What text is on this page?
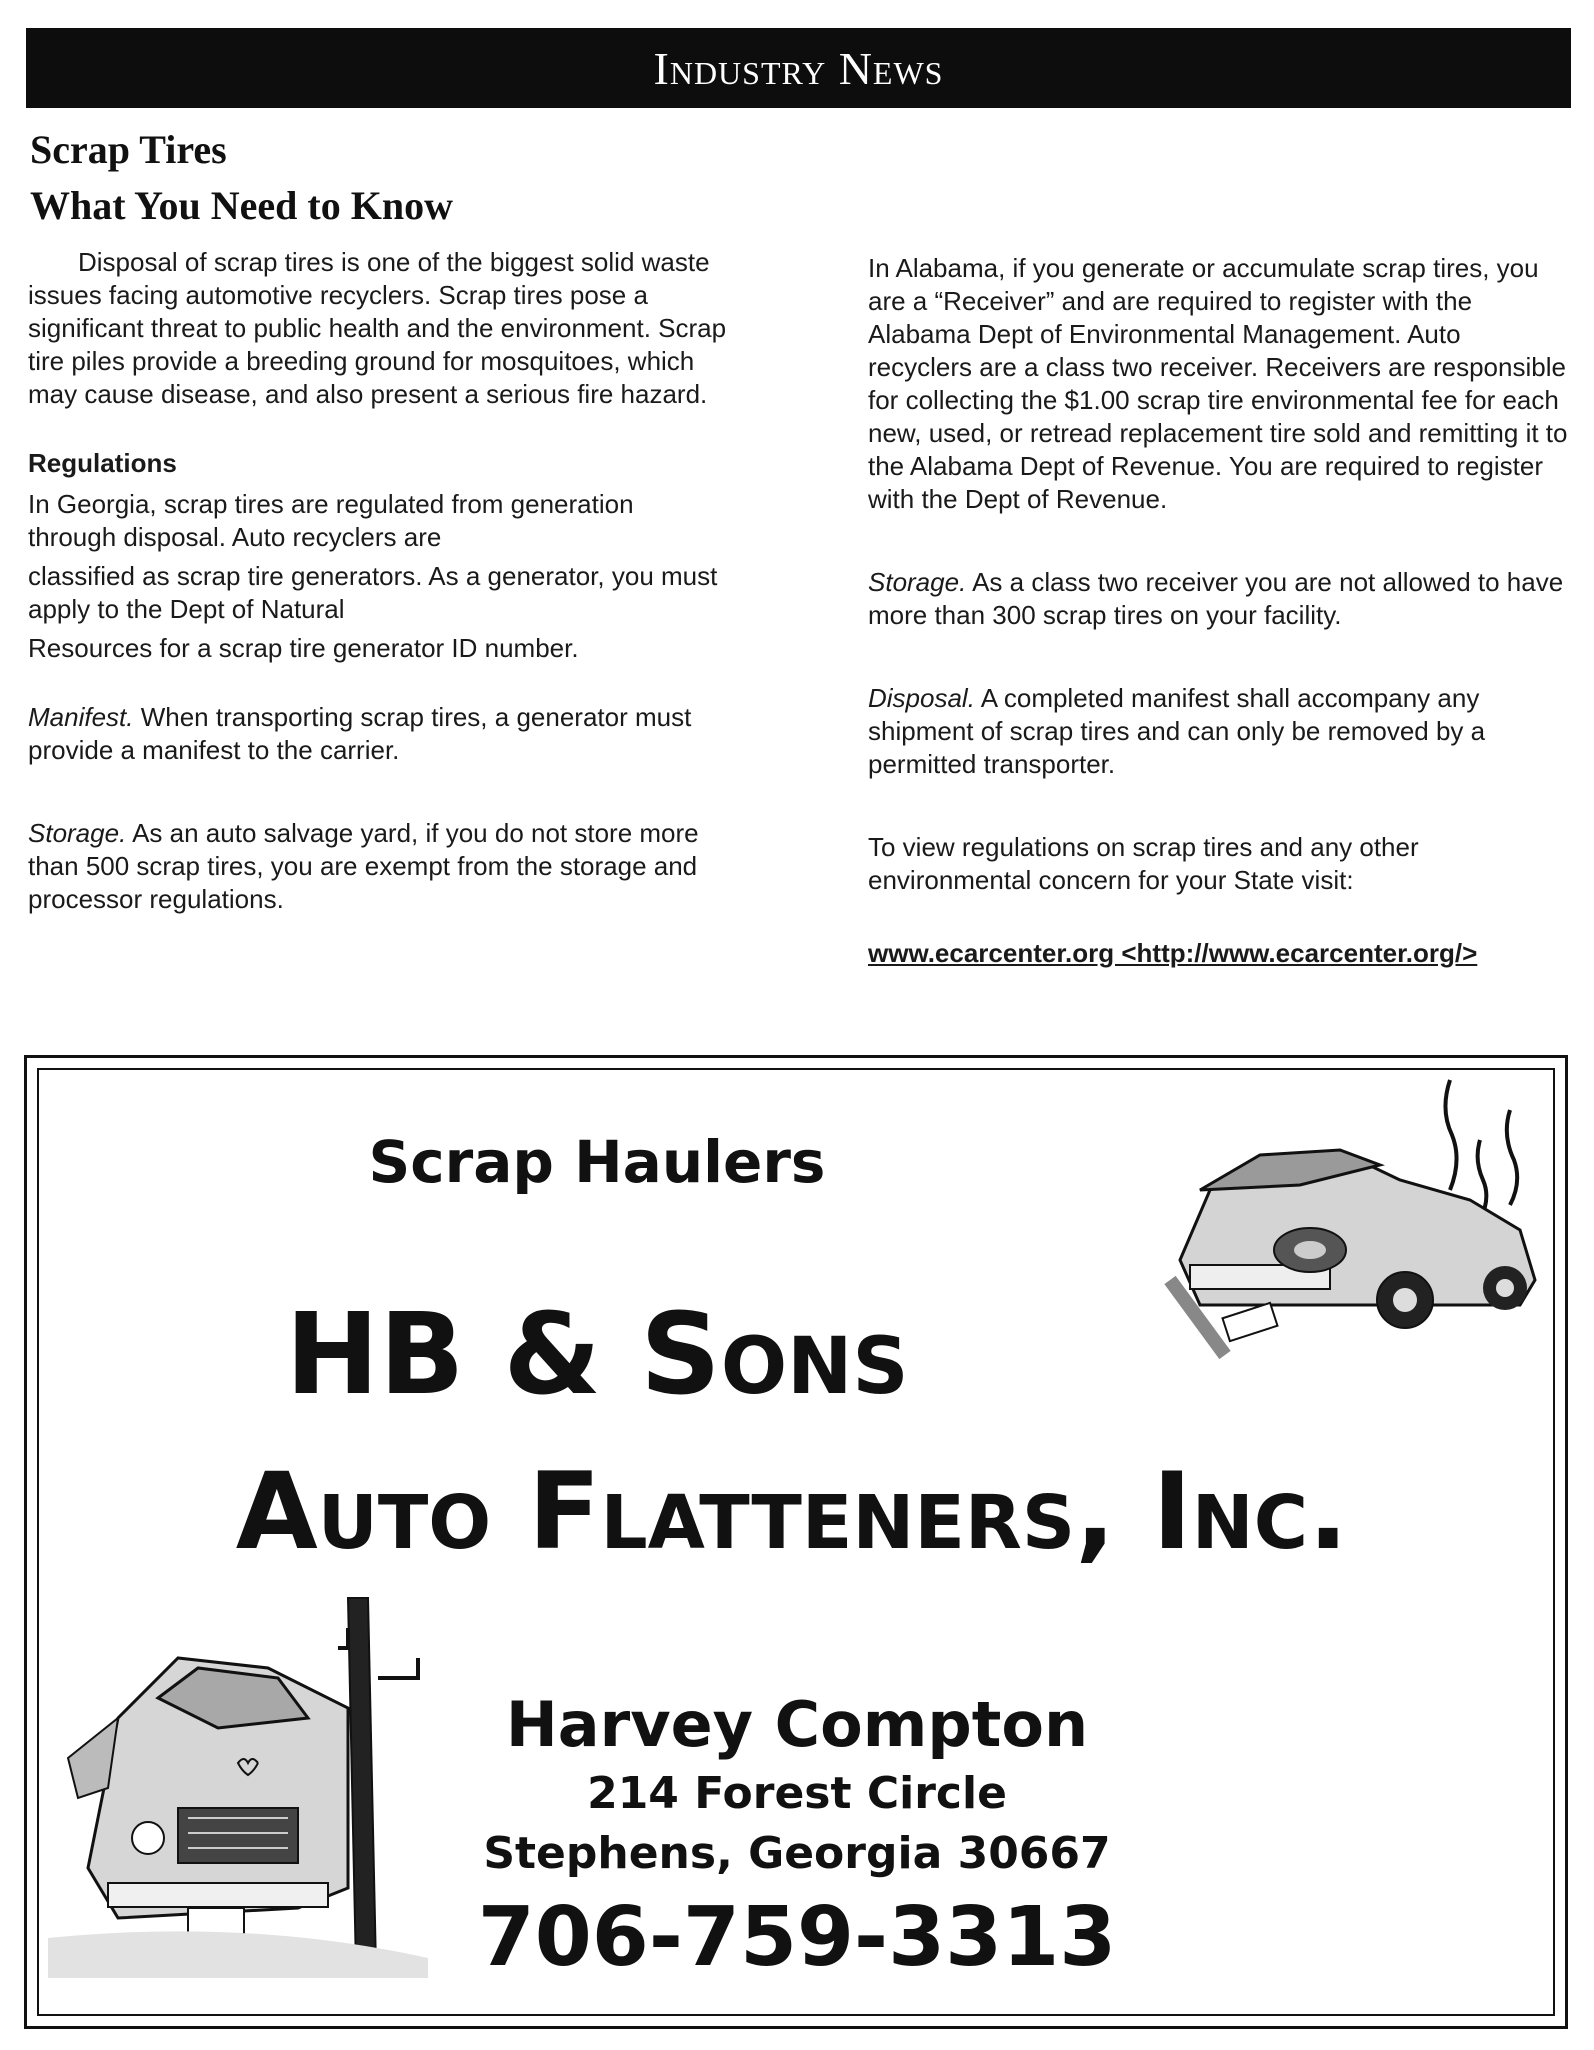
Industry News
Scrap Tires
What You Need to Know

Disposal of scrap tires is one of the biggest solid waste issues facing automotive recyclers. Scrap tires pose a significant threat to public health and the environment. Scrap tire piles provide a breeding ground for mosquitoes, which may cause disease, and also present a serious fire hazard.

Regulations

In Georgia, scrap tires are regulated from generation through disposal. Auto recyclers are

classified as scrap tire generators. As a generator, you must apply to the Dept of Natural

Resources for a scrap tire generator ID number.

Manifest. When transporting scrap tires, a generator must provide a manifest to the carrier.

Storage. As an auto salvage yard, if you do not store more than 500 scrap tires, you are exempt from the storage and processor regulations.

In Alabama, if you generate or accumulate scrap tires, you are a “Receiver” and are required to register with the Alabama Dept of Environmental Management. Auto recyclers are a class two receiver. Receivers are responsible for collecting the $1.00 scrap tire environmental fee for each new, used, or retread replacement tire sold and remitting it to the Alabama Dept of Revenue. You are required to register with the Dept of Revenue.

Storage. As a class two receiver you are not allowed to have more than 300 scrap tires on your facility.

Disposal. A completed manifest shall accompany any shipment of scrap tires and can only be removed by a permitted transporter.

To view regulations on scrap tires and any other environmental concern for your State visit:

www.ecarcenter.org <http://www.ecarcenter.org/>

Scrap Haulers
HB & Sons
Auto Flatteners, Inc.
Harvey Compton
214 Forest Circle
Stephens, Georgia 30667
706-759-3313
